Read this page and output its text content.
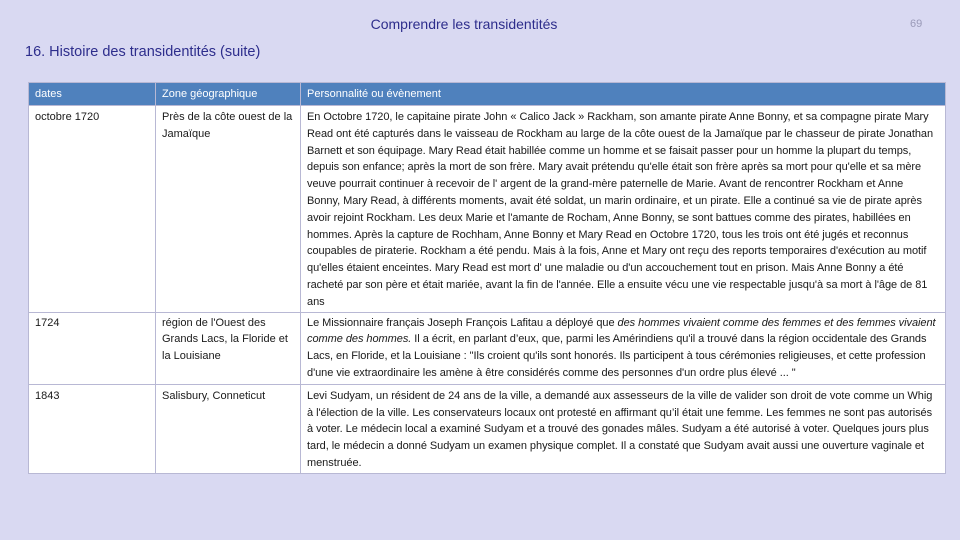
Comprendre les transidentités	69
16. Histoire des transidentités (suite)
dates	Zone géographique	Personnalité ou évènement
octobre 1720	Près de la côte ouest de la Jamaïque	En Octobre 1720, le capitaine pirate John « Calico Jack » Rackham, son amante pirate Anne Bonny, et sa compagne pirate Mary Read ont été capturés dans le vaisseau de Rockham au large de la côte ouest de la Jamaïque par le chasseur de pirate Jonathan Barnett et son équipage. Mary Read était habillée comme un homme et se faisait passer pour un homme la plupart du temps, depuis son enfance; après la mort de son frère. Mary avait prétendu qu'elle était son frère après sa mort pour qu'elle et sa mère veuve pourrait continuer à recevoir de l' argent de la grand-mère paternelle de Marie. Avant de rencontrer Rockham et Anne Bonny, Mary Read, à différents moments, avait été soldat, un marin ordinaire, et un pirate. Elle a continué sa vie de pirate après avoir rejoint Rockham. Les deux Marie et l'amante de Rocham, Anne Bonny, se sont battues comme des pirates, habillées en hommes. Après la capture de Rochham, Anne Bonny et Mary Read en Octobre 1720, tous les trois ont été jugés et reconnus coupables de piraterie. Rockham a été pendu. Mais à la fois, Anne et Mary ont reçu des reports temporaires d'exécution au motif qu'elles étaient enceintes. Mary Read est mort d' une maladie ou d'un accouchement tout en prison. Mais Anne Bonny a été racheté par son père et était mariée, avant la fin de l'année. Elle a ensuite vécu une vie respectable jusqu'à sa mort à l'âge de 81 ans
1724	région de l'Ouest des Grands Lacs, la Floride et la Louisiane	Le Missionnaire français Joseph François Lafitau a déployé que des hommes vivaient comme des femmes et des femmes vivaient comme des hommes. Il a écrit, en parlant d’eux, que, parmi les Amérindiens qu'il a trouvé dans la région occidentale des Grands Lacs, en Floride, et la Louisiane : "Ils croient qu'ils sont honorés. Ils participent à tous cérémonies religieuses, et cette profession d'une vie extraordinaire les amène à être considérés comme des personnes d'un ordre plus élevé ... "
1843	Salisbury, Conneticut	Levi Sudyam, un résident de 24 ans de la ville, a demandé aux assesseurs de la ville de valider son droit de vote comme un Whig à l'élection de la ville. Les conservateurs locaux ont protesté en affirmant qu’il était une femme. Les femmes ne sont pas autorisés à voter. Le médecin local a examiné Sudyam et a trouvé des gonades mâles. Sudyam a été autorisé à voter. Quelques jours plus tard, le médecin a donné Sudyam un examen physique complet. Il a constaté que Sudyam avait aussi une ouverture vaginale et menstruée.
